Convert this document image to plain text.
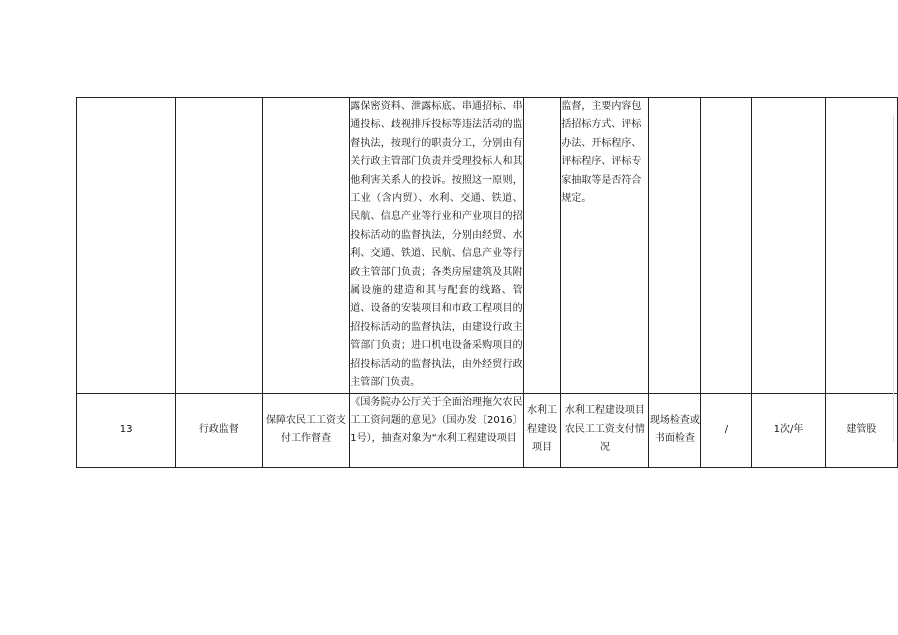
			露保密资料、泄露标底、串通招标、串通投标、歧视排斥投标等违法活动的监督执法，按现行的职责分工，分别由有关行政主管部门负责并受理投标人和其他利害关系人的投诉。按照这一原则，工业（含内贸）、水利、交通、铁道、民航、信息产业等行业和产业项目的招投标活动的监督执法，分别由经贸、水利、交通、铁道、民航、信息产业等行政主管部门负责；各类房屋建筑及其附属设施的建造和其与配套的线路、管道、设备的安装项目和市政工程项目的招投标活动的监督执法，由建设行政主管部门负责；进口机电设备采购项目的招投标活动的监督执法，由外经贸行政主管部门负责。		监督，主要内容包括招标方式、评标办法、开标程序、评标程序、评标专家抽取等是否符合规定。				
13	行政监督	保障农民工工资支付工作督查	《国务院办公厅关于全面治理拖欠农民工工资问题的意见》（国办发〔2016〕1号），抽查对象为“水利工程建设项目	水利工程建设项目	水利工程建设项目农民工工资支付情况	现场检查或书面检查	/	1次/年	建管股
